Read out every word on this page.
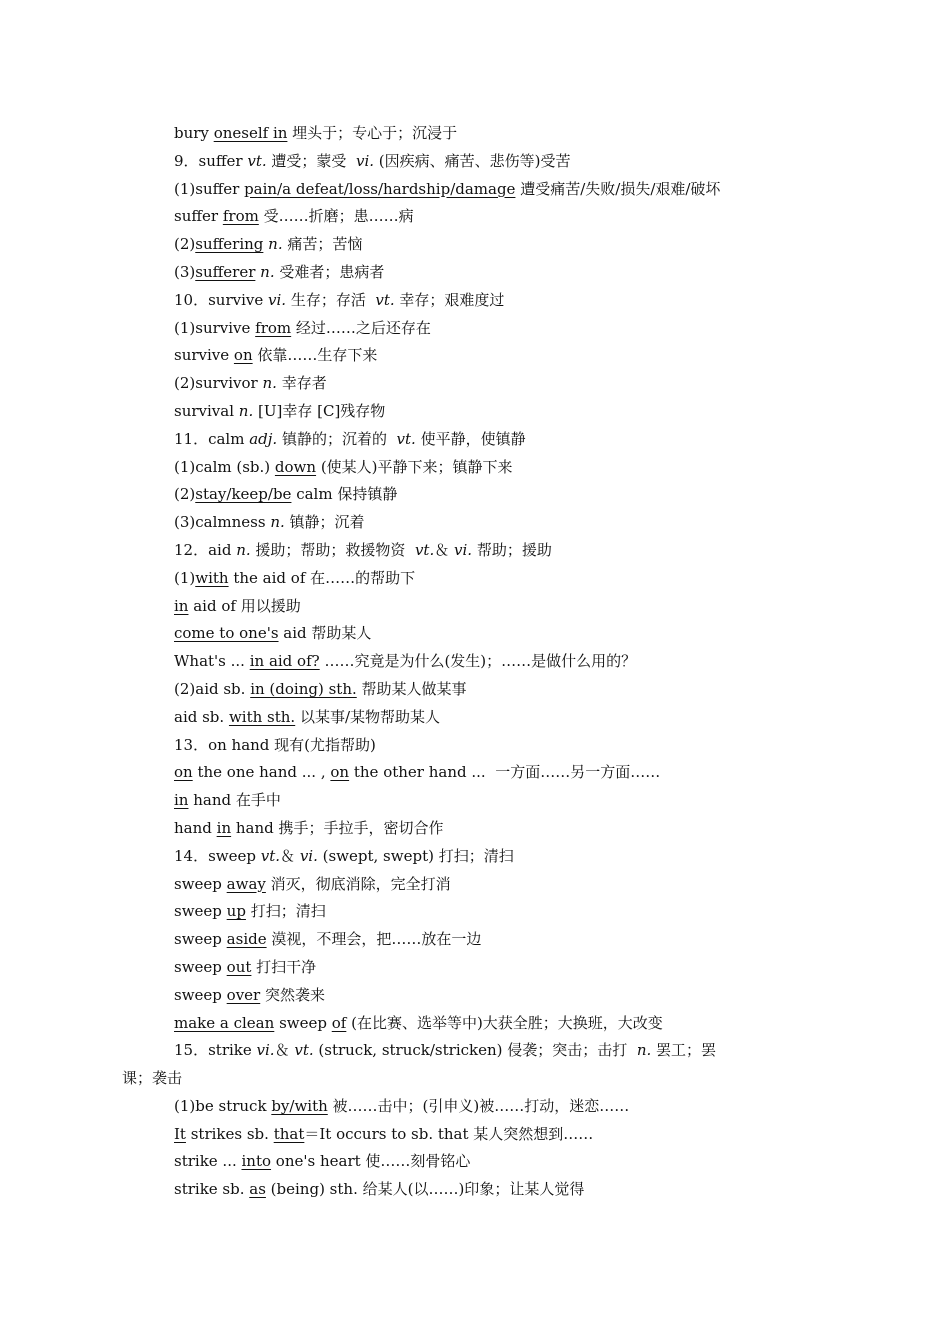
bury oneself in 埋头于；专心于；沉浸于
9．suffer vt. 遭受；蒙受  vi. (因疾病、痛苦、悲伤等)受苦
(1)suffer pain/a defeat/loss/hardship/damage 遭受痛苦/失败/损失/艰难/破坏
suffer from 受……折磨；患……病
(2)suffering n. 痛苦；苦恼
(3)sufferer n. 受难者；患病者
10．survive vi. 生存；存活  vt. 幸存；艰难度过
(1)survive from 经过……之后还存在
survive on 依靠……生存下来
(2)survivor n. 幸存者
survival n. [U]幸存 [C]残存物
11．calm adj. 镇静的；沉着的  vt. 使平静，使镇静
(1)calm (sb.) down (使某人)平静下来；镇静下来
(2)stay/keep/be calm 保持镇静
(3)calmness n. 镇静；沉着
12．aid n. 援助；帮助；救援物资  vt.＆ vi. 帮助；援助
(1)with the aid of 在……的帮助下
in aid of 用以援助
come to one's aid 帮助某人
What's ... in aid of? ……究竟是为什么(发生)；……是做什么用的？
(2)aid sb. in (doing) sth. 帮助某人做某事
aid sb. with sth. 以某事/某物帮助某人
13．on hand 现有(尤指帮助)
on the one hand ... , on the other hand ...  一方面……另一方面……
in hand 在手中
hand in hand 携手；手拉手，密切合作
14．sweep vt.＆ vi. (swept, swept) 打扫；清扫
sweep away 消灭，彻底消除，完全打消
sweep up 打扫；清扫
sweep aside 漠视，不理会，把……放在一边
sweep out 打扫干净
sweep over 突然袭来
make a clean sweep of (在比赛、选举等中)大获全胜；大换班，大改变
15．strike vi.＆ vt. (struck, struck/stricken) 侵袭；突击；击打  n. 罢工；罢
课；袭击
(1)be struck by/with 被……击中；(引申义)被……打动，迷恋……
It strikes sb. that＝It occurs to sb. that 某人突然想到……
strike ... into one's heart 使……刻骨铭心
strike sb. as (being) sth. 给某人(以……)印象；让某人觉得
